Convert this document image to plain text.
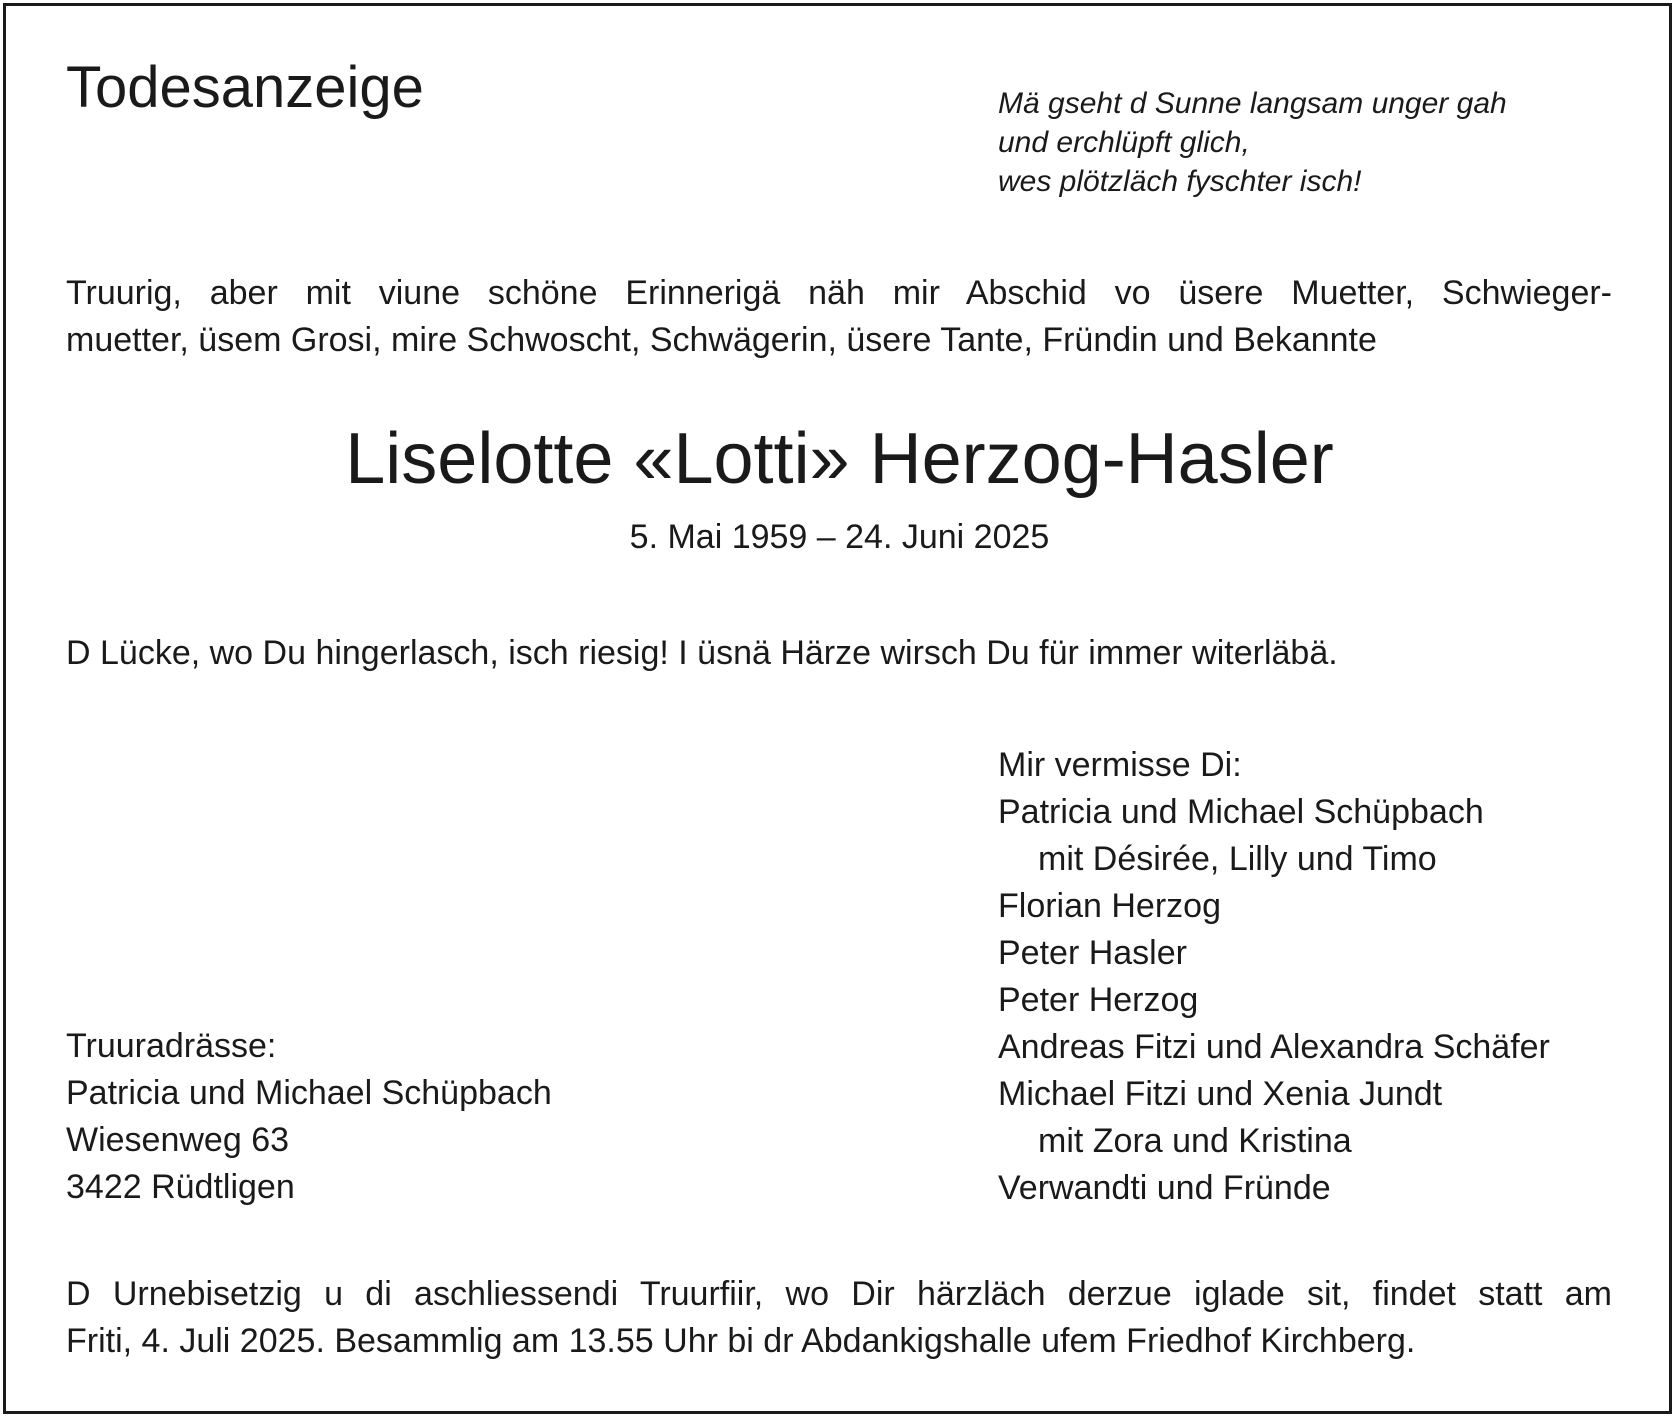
Todesanzeige	Mä gseht d Sunne langsam unger gah
und erchlüpft glich,
wes plötzläch fyschter isch!
Truurig, aber mit viune schöne Erinnerigä näh mir Abschid vo üsere Muetter, Schwieger-
muetter, üsem Grosi, mire Schwoscht, Schwägerin, üsere Tante, Fründin und Bekannte
Liselotte «Lotti» Herzog-Hasler
5. Mai 1959 – 24. Juni 2025
D Lücke, wo Du hingerlasch, isch riesig! I üsnä Härze wirsch Du für immer witerläbä.
Mir vermisse Di:
Patricia und Michael Schüpbach
mit Désirée, Lilly und Timo
Florian Herzog
Peter Hasler
Peter Herzog
Andreas Fitzi und Alexandra Schäfer
Michael Fitzi und Xenia Jundt
mit Zora und Kristina
Verwandti und Fründe
Truuradrässe:
Patricia und Michael Schüpbach
Wiesenweg 63
3422 Rüdtligen
D Urnebisetzig u di aschliessendi Truurfiir, wo Dir härzläch derzue iglade sit, findet statt am
Friti, 4. Juli 2025. Besammlig am 13.55 Uhr bi dr Abdankigshalle ufem Friedhof Kirchberg.
